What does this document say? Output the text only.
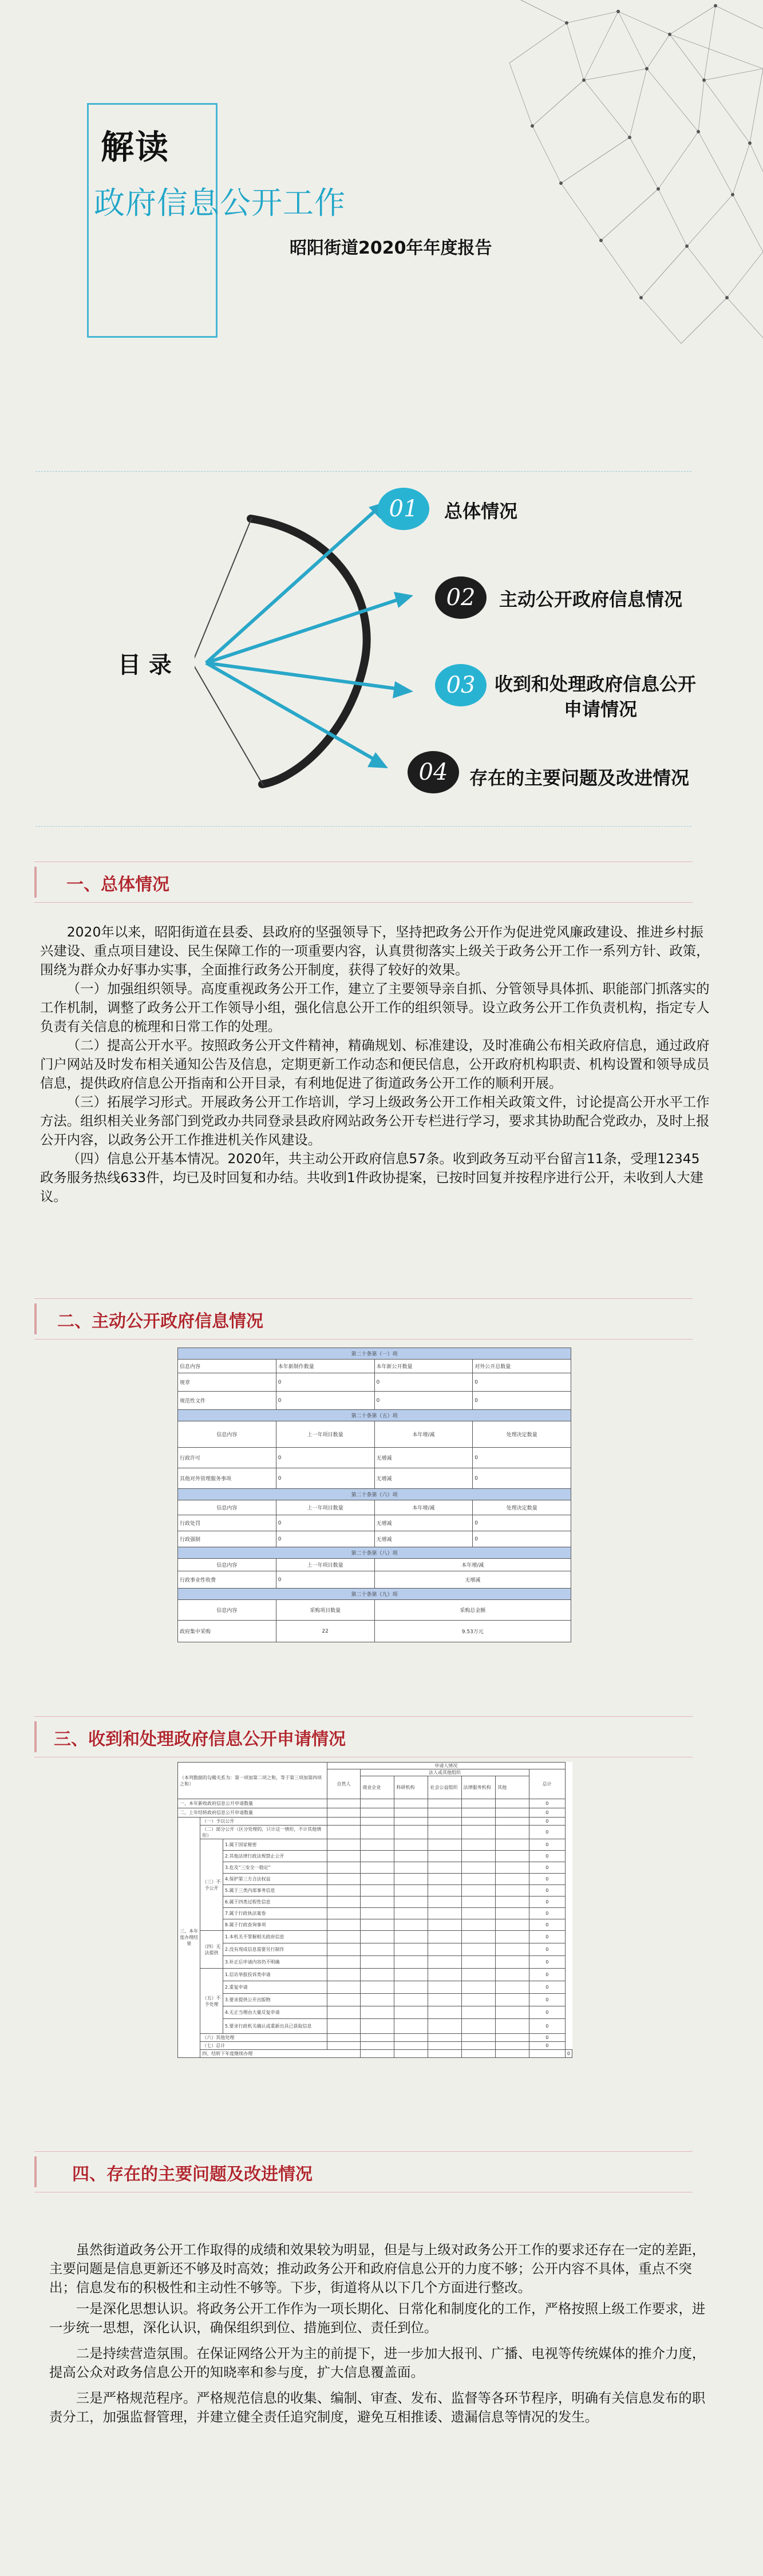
解读
政府信息公开工作
昭阳街道2020年年度报告
目 录
01	总体情况
02	主动公开政府信息情况
03	收到和处理政府信息公开
申请情况
04	存在的主要问题及改进情况
一、总体情况

2020年以来，昭阳街道在县委、县政府的坚强领导下，坚持把政务公开作为促进党风廉政建设、推进乡村振兴建设、重点项目建设、民生保障工作的一项重要内容，认真贯彻落实上级关于政务公开工作一系列方针、政策，围绕为群众办好事办实事，全面推行政务公开制度，获得了较好的效果。

（一）加强组织领导。高度重视政务公开工作，建立了主要领导亲自抓、分管领导具体抓、职能部门抓落实的工作机制，调整了政务公开工作领导小组，强化信息公开工作的组织领导。设立政务公开工作负责机构，指定专人负责有关信息的梳理和日常工作的处理。

（二）提高公开水平。按照政务公开文件精神，精确规划、标准建设，及时准确公布相关政府信息，通过政府门户网站及时发布相关通知公告及信息，定期更新工作动态和便民信息，公开政府机构职责、机构设置和领导成员信息，提供政府信息公开指南和公开目录，有利地促进了街道政务公开工作的顺利开展。

（三）拓展学习形式。开展政务公开工作培训，学习上级政务公开工作相关政策文件，讨论提高公开水平工作方法。组织相关业务部门到党政办共同登录县政府网站政务公开专栏进行学习，要求其协助配合党政办，及时上报公开内容，以政务公开工作推进机关作风建设。

（四）信息公开基本情况。2020年，共主动公开政府信息57条。收到政务互动平台留言11条，受理12345政务服务热线633件，均已及时回复和办结。共收到1件政协提案，已按时回复并按程序进行公开，未收到人大建议。

二、主动公开政府信息情况
第二十条第（一）项			
信息内容	本年新制作数量	本年新公开数量	对外公开总数量
规章	0	0	0
规范性文件	0	0	0
第二十条第（五）项			
信息内容	上一年项目数量	本年增/减	处理决定数量
行政许可	0	无增减	0
其他对外管理服务事项	0	无增减	0
第二十条第（六）项			
信息内容	上一年项目数量	本年增/减	处理决定数量
行政处罚	0	无增减	0
行政强制	0	无增减	0
第二十条第（八）项			
信息内容	上一年项目数量	本年增/减	
行政事业性收费	0	无增减	
第二十条第（九）项			
信息内容	采购项目数量	采购总金额	
政府集中采购	22	9.53万元	
三、收到和处理政府信息公开申请情况
（本列数据的勾稽关系为：第一项加第二项之和，等于第三项加第四项之和）			申请人情况							
			自然人	法人或其他组织					总计	
				商业企业	科研机构	社会公益组织	法律服务机构	其他		
一、本年新收政府信息公开申请数量									0	
二、上年结转政府信息公开申请数量									0	
三、本年度办理结果	（一）予以公开								0	
	（二）部分公开（区分处理的，只计这一情形，不计其他情形）								0	
	（三）不予公开	1.属于国家秘密							0	
		2.其他法律行政法规禁止公开							0	
		3.危及“三安全一稳定”							0	
		4.保护第三方合法权益							0	
		5.属于三类内部事务信息							0	
		6.属于四类过程性信息							0	
		7.属于行政执法案卷							0	
		8.属于行政查询事项							0	
	（四）无法提供	1.本机关不掌握相关政府信息							0	
		2.没有现成信息需要另行制作							0	
		3.补正后申请内容仍不明确							0	
	（五）不予处理	1.信访举报投诉类申请							0	
		2.重复申请							0	
		3.要求提供公开出版物							0	
		4.无正当理由大量反复申请							0	
		5.要求行政机关确认或重新出具已获取信息							0	
	（六）其他处理								0	
	（七）总计								0	
	四、结转下年度继续办理									0
四、存在的主要问题及改进情况

虽然街道政务公开工作取得的成绩和效果较为明显，但是与上级对政务公开工作的要求还存在一定的差距，主要问题是信息更新还不够及时高效；推动政务公开和政府信息公开的力度不够；公开内容不具体，重点不突出；信息发布的积极性和主动性不够等。下步，街道将从以下几个方面进行整改。

一是深化思想认识。将政务公开工作作为一项长期化、日常化和制度化的工作，严格按照上级工作要求，进一步统一思想，深化认识，确保组织到位、措施到位、责任到位。

二是持续营造氛围。在保证网络公开为主的前提下，进一步加大报刊、广播、电视等传统媒体的推介力度，提高公众对政务信息公开的知晓率和参与度，扩大信息覆盖面。

三是严格规范程序。严格规范信息的收集、编制、审查、发布、监督等各环节程序，明确有关信息发布的职责分工，加强监督管理，并建立健全责任追究制度，避免互相推诿、遗漏信息等情况的发生。
